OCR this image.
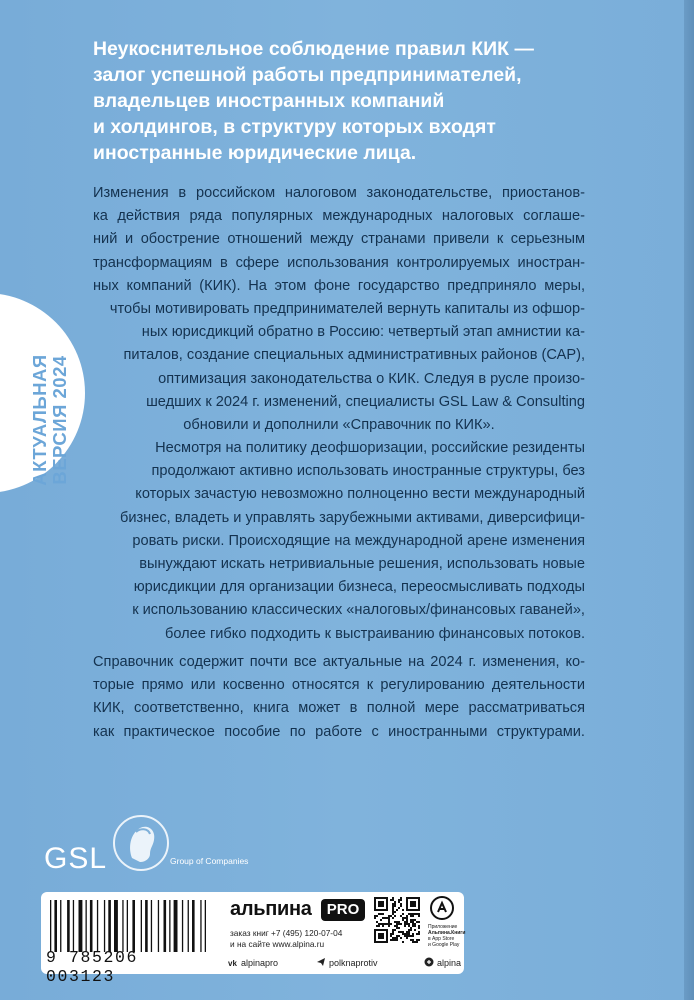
Неукоснительное соблюдение правил КИК —
залог успешной работы предпринимателей,
владельцев иностранных компаний
и холдингов, в структуру которых входят
иностранные юридические лица.
АКТУАЛЬНАЯ ВЕРСИЯ 2024
Изменения в российском налоговом законодательстве, приостанов-
ка действия ряда популярных международных налоговых соглаше-
ний и обострение отношений между странами привели к серьезным
трансформациям в сфере использования контролируемых иностран-
ных компаний (КИК). На этом фоне государство предприняло меры,
чтобы мотивировать предпринимателей вернуть капиталы из офшор-
ных юрисдикций обратно в Россию: четвертый этап амнистии ка-
питалов, создание специальных административных районов (САР),
оптимизация законодательства о КИК. Следуя в русле произо-
шедших к 2024 г. изменений, специалисты GSL Law & Consulting
обновили и дополнили «Справочник по КИК».
Несмотря на политику деофшоризации, российские резиденты
продолжают активно использовать иностранные структуры, без
которых зачастую невозможно полноценно вести международный
бизнес, владеть и управлять зарубежными активами, диверсифици-
ровать риски. Происходящие на международной арене изменения
вынуждают искать нетривиальные решения, использовать новые
юрисдикции для организации бизнеса, переосмысливать подходы
к использованию классических «налоговых/финансовых гаваней»,
более гибко подходить к выстраиванию финансовых потоков.
Справочник содержит почти все актуальные на 2024 г. изменения, ко-
торые прямо или косвенно относятся к регулированию деятельности
КИК, соответственно, книга может в полной мере рассматриваться
как практическое пособие по работе с иностранными структурами.
GSL	Group of Companies
9 785206 003123
альпина	PRO
заказ книг +7 (495) 120-07-04
и на сайте www.alpina.ru
Приложение
Альпина.Книги
в App Store
и Google Play
vk alpinapro	polknaprotiv	alpina
